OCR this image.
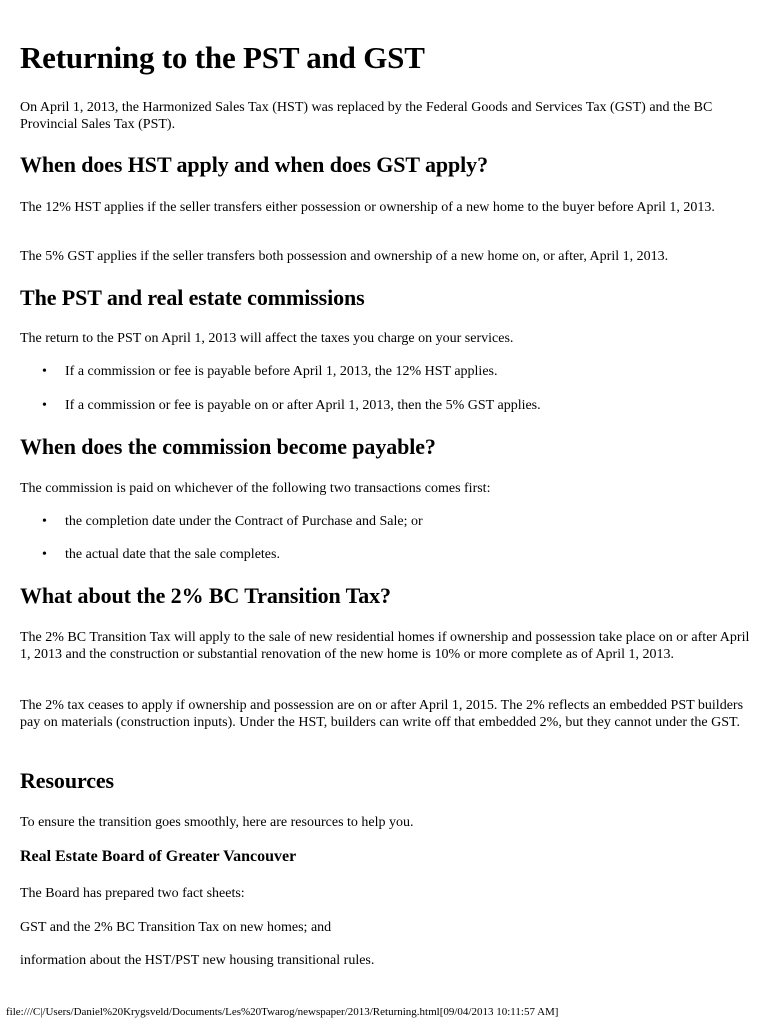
Returning to the PST and GST

On April 1, 2013, the Harmonized Sales Tax (HST) was replaced by the Federal Goods and Services Tax (GST) and the BC Provincial Sales Tax (PST).

When does HST apply and when does GST apply?

The 12% HST applies if the seller transfers either possession or ownership of a new home to the buyer before April 1, 2013.

The 5% GST applies if the seller transfers both possession and ownership of a new home on, or after, April 1, 2013.

The PST and real estate commissions

The return to the PST on April 1, 2013 will affect the taxes you charge on your services.

• If a commission or fee is payable before April 1, 2013, the 12% HST applies.
• If a commission or fee is payable on or after April 1, 2013, then the 5% GST applies.
When does the commission become payable?

The commission is paid on whichever of the following two transactions comes first:

• the completion date under the Contract of Purchase and Sale; or
• the actual date that the sale completes.
What about the 2% BC Transition Tax?

The 2% BC Transition Tax will apply to the sale of new residential homes if ownership and possession take place on or after April 1, 2013 and the construction or substantial renovation of the new home is 10% or more complete as of April 1, 2013.

The 2% tax ceases to apply if ownership and possession are on or after April 1, 2015. The 2% reflects an embedded PST builders pay on materials (construction inputs). Under the HST, builders can write off that embedded 2%, but they cannot under the GST.

Resources

To ensure the transition goes smoothly, here are resources to help you.

Real Estate Board of Greater Vancouver

The Board has prepared two fact sheets:

GST and the 2% BC Transition Tax on new homes; and

information about the HST/PST new housing transitional rules.

file:///C|/Users/Daniel%20Krygsveld/Documents/Les%20Twarog/newspaper/2013/Returning.html[09/04/2013 10:11:57 AM]
